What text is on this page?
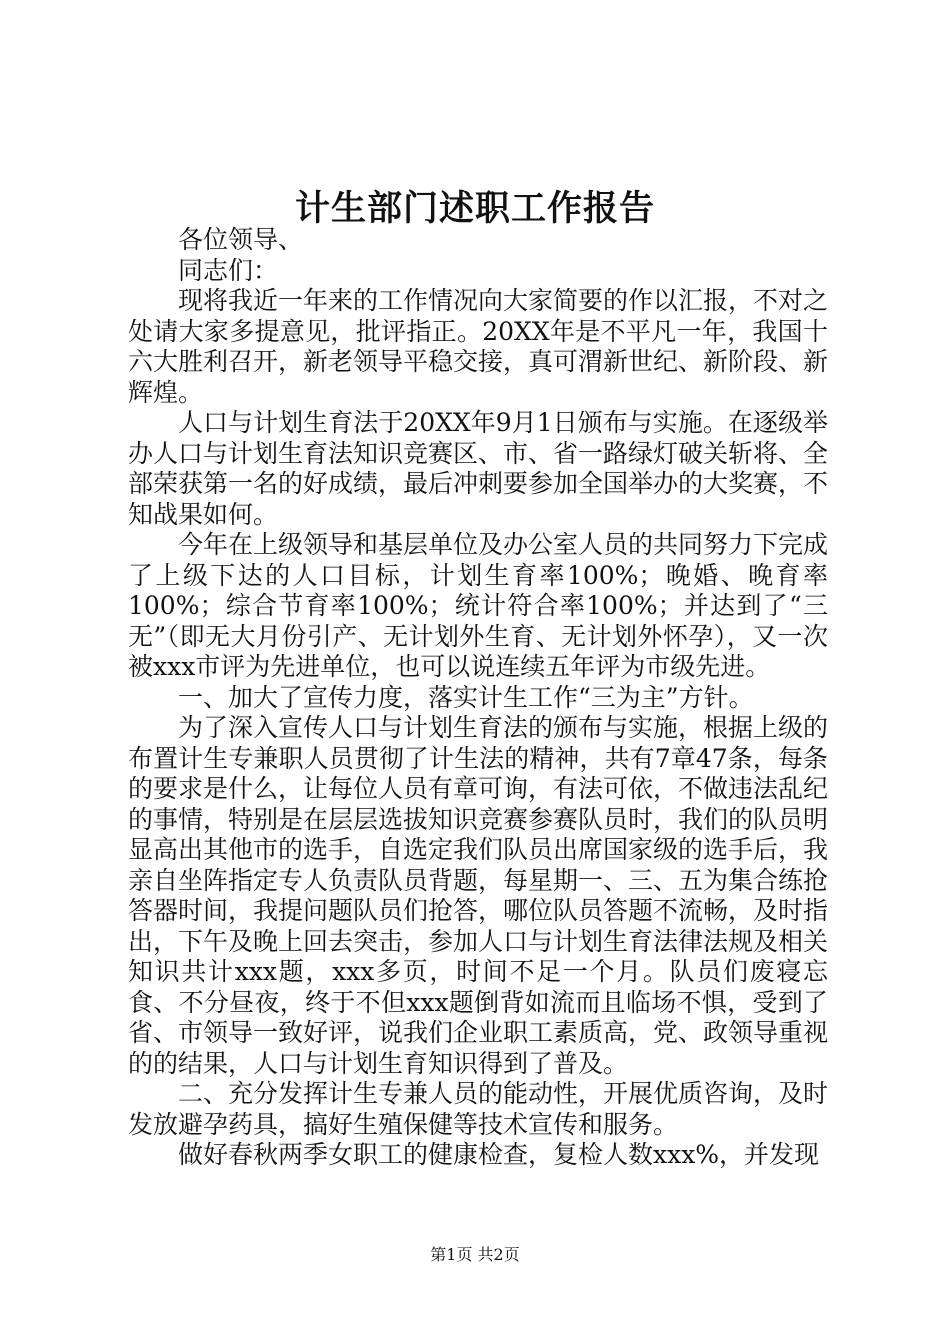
计生部门述职工作报告

各位领导、

同志们：

现将我近一年来的工作情况向大家简要的作以汇报，不对之处请大家多提意见，批评指正。20XX年是不平凡一年，我国十六大胜利召开，新老领导平稳交接，真可渭新世纪、新阶段、新辉煌。

人口与计划生育法于20XX年9月1日颁布与实施。在逐级举办人口与计划生育法知识竞赛区、市、省一路绿灯破关斩将、全部荣获第一名的好成绩，最后冲刺要参加全国举办的大奖赛，不知战果如何。

今年在上级领导和基层单位及办公室人员的共同努力下完成了上级下达的人口目标，计划生育率100%；晚婚、晚育率100%；综合节育率100%；统计符合率100%；并达到了“三无”（即无大月份引产、无计划外生育、无计划外怀孕），又一次被xxx市评为先进单位，也可以说连续五年评为市级先进。

一、加大了宣传力度，落实计生工作“三为主”方针。

为了深入宣传人口与计划生育法的颁布与实施，根据上级的布置计生专兼职人员贯彻了计生法的精神，共有7章47条，每条的要求是什么，让每位人员有章可询，有法可依，不做违法乱纪的事情，特别是在层层选拔知识竞赛参赛队员时，我们的队员明显高出其他市的选手，自选定我们队员出席国家级的选手后，我亲自坐阵指定专人负责队员背题，每星期一、三、五为集合练抢答器时间，我提问题队员们抢答，哪位队员答题不流畅，及时指出，下午及晚上回去突击，参加人口与计划生育法律法规及相关知识共计xxx题，xxx多页，时间不足一个月。队员们废寝忘食、不分昼夜，终于不但xxx题倒背如流而且临场不惧，受到了省、市领导一致好评，说我们企业职工素质高，党、政领导重视的的结果，人口与计划生育知识得到了普及。

二、充分发挥计生专兼人员的能动性，开展优质咨询，及时发放避孕药具，搞好生殖保健等技术宣传和服务。

做好春秋两季女职工的健康检查，复检人数xxx%，并发现

第1页 共2页
